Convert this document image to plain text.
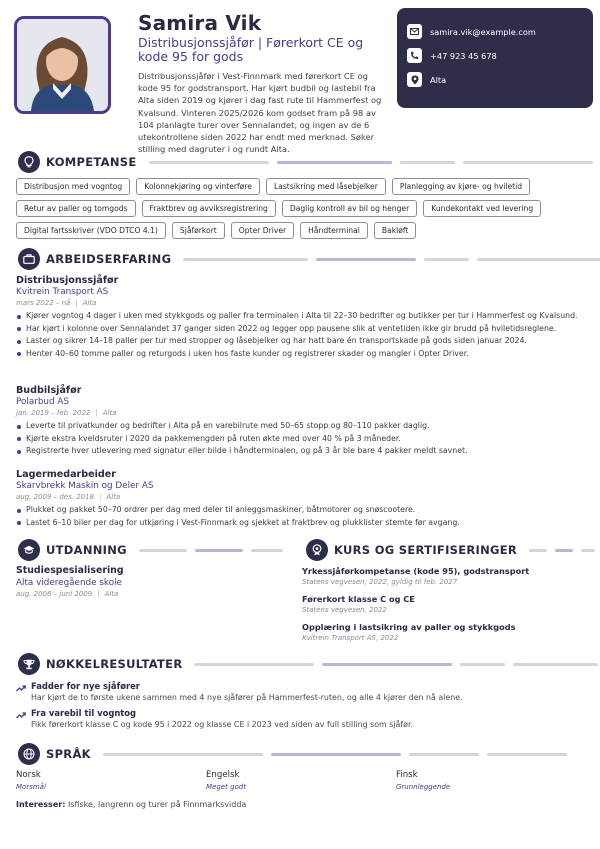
Samira Vik
Distribusjonssjåfør | Førerkort CE og kode 95 for gods
Distribusjonssjåfør i Vest-Finnmark med førerkort CE og kode 95 for godstransport. Har kjørt budbil og lastebil fra Alta siden 2019 og kjører i dag fast rute til Hammerfest og Kvalsund. Vinteren 2025/2026 kom godset fram på 98 av 104 planlagte turer over Sennalandet, og ingen av de 6 utekontrollene siden 2022 har endt med merknad. Søker stilling med dagruter i og rundt Alta.
samira.vik@example.com
+47 923 45 678
Alta
KOMPETANSE
Distribusjon med vogntog	Kolonnekjøring og vinterføre	Lastsikring med låsebjelker	Planlegging av kjøre- og hviletid
Retur av paller og tomgods	Fraktbrev og avviksregistrering	Daglig kontroll av bil og henger	Kundekontakt ved levering
Digital fartsskriver (VDO DTCO 4.1)	Sjåførkort	Opter Driver	Håndterminal	Bakløft
ARBEIDSERFARING
Distribusjonssjåfør
Kvitrein Transport AS
mars 2022 – nå | Alta
Kjører vogntog 4 dager i uken med stykkgods og paller fra terminalen i Alta til 22–30 bedrifter og butikker per tur i Hammerfest og Kvalsund.
Har kjørt i kolonne over Sennalandet 37 ganger siden 2022 og legger opp pausene slik at ventetiden ikke gir brudd på hviletidsreglene.
Laster og sikrer 14–18 paller per tur med stropper og låsebjelker og har hatt bare én transportskade på gods siden januar 2024.
Henter 40–60 tomme paller og returgods i uken hos faste kunder og registrerer skader og mangler i Opter Driver.
Budbilsjåfør
Polarbud AS
jan. 2019 – feb. 2022 | Alta
Leverte til privatkunder og bedrifter i Alta på en varebilrute med 50–65 stopp og 80–110 pakker daglig.
Kjørte ekstra kveldsruter i 2020 da pakkemengden på ruten økte med over 40 % på 3 måneder.
Registrerte hver utlevering med signatur eller bilde i håndterminalen, og på 3 år ble bare 4 pakker meldt savnet.
Lagermedarbeider
Skarvbrekk Maskin og Deler AS
aug. 2009 – des. 2018 | Alta
Plukket og pakket 50–70 ordrer per dag med deler til anleggsmaskiner, båtmotorer og snøscootere.
Lastet 6–10 biler per dag for utkjøring i Vest-Finnmark og sjekket at fraktbrev og plukklister stemte før avgang.
UTDANNING
Studiespesialisering
Alta videregående skole
aug. 2006 – juni 2009 | Alta
KURS OG SERTIFISERINGER
Yrkessjåførkompetanse (kode 95), godstransport
Statens vegvesen, 2022, gyldig til feb. 2027
Førerkort klasse C og CE
Statens vegvesen, 2022
Opplæring i lastsikring av paller og stykkgods
Kvitrein Transport AS, 2022
NØKKELRESULTATER
Fadder for nye sjåfører
Har kjørt de to første ukene sammen med 4 nye sjåfører på Hammerfest-ruten, og alle 4 kjører den nå alene.
Fra varebil til vogntog
Fikk førerkort klasse C og kode 95 i 2022 og klasse CE i 2023 ved siden av full stilling som sjåfør.
SPRÅK
Norsk
Morsmål
Engelsk
Meget godt
Finsk
Grunnleggende
Interesser: Isfiske, langrenn og turer på Finnmarksvidda
